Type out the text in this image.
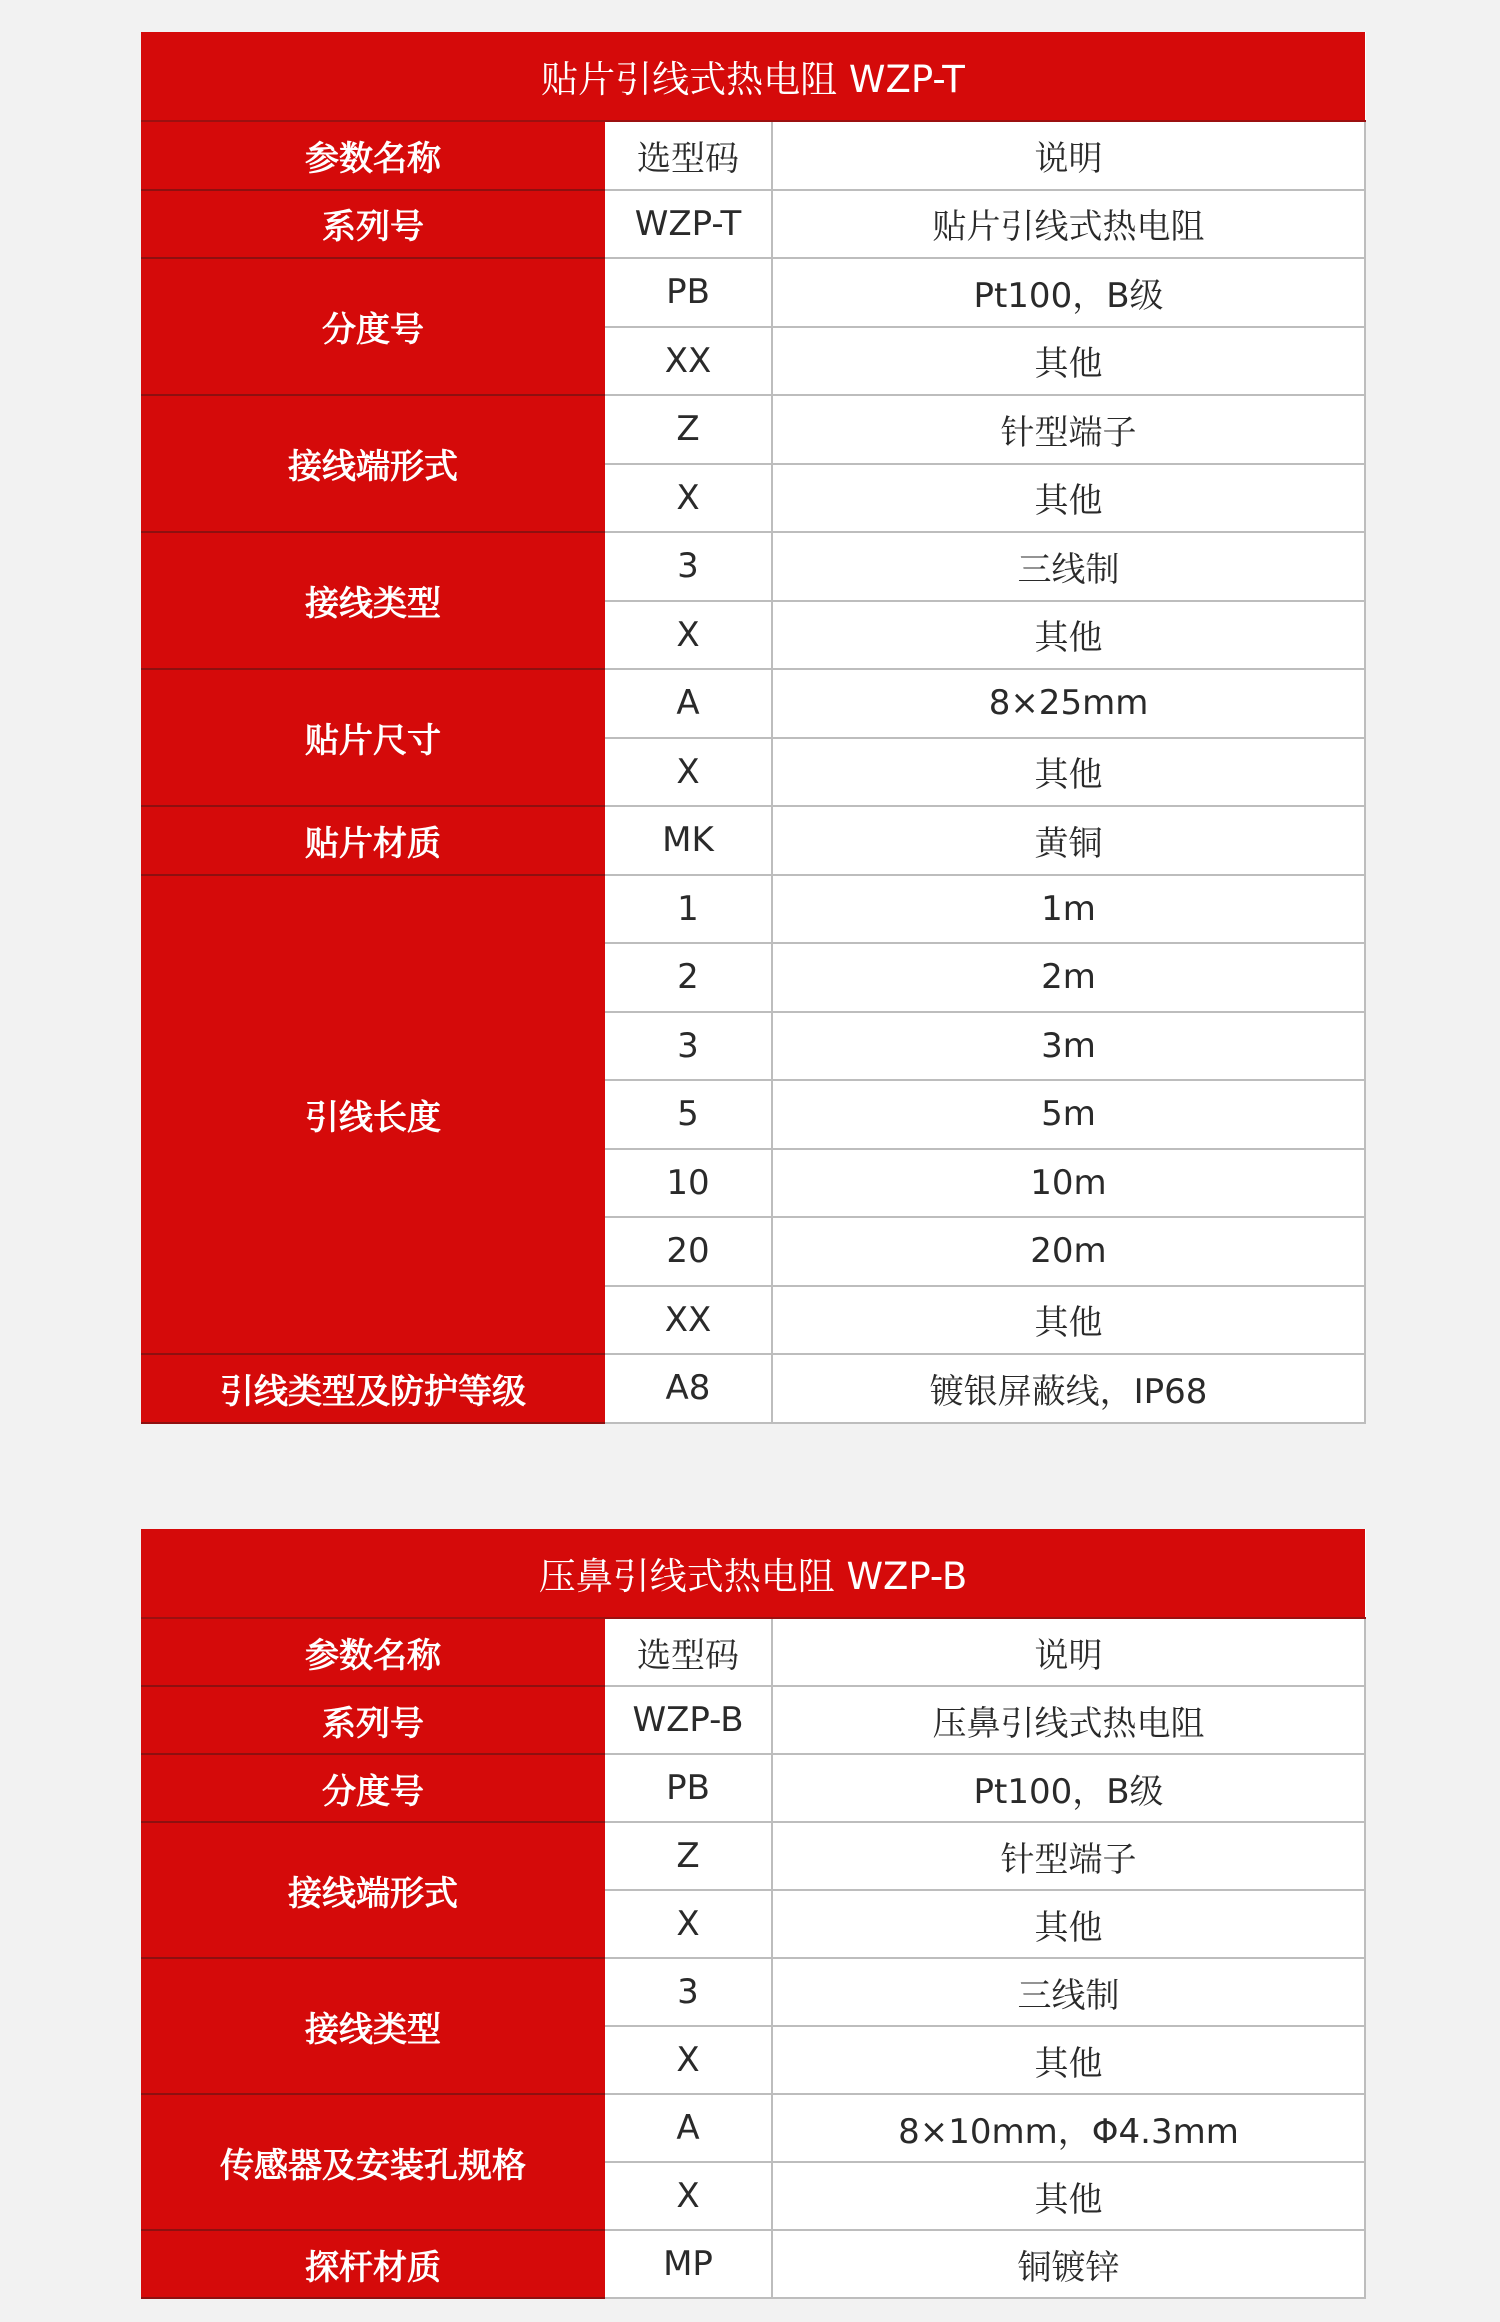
贴片引线式热电阻 WZP-T		
参数名称	选型码	说明
系列号	WZP-T	贴片引线式热电阻
分度号	PB	Pt100，B级
	XX	其他
接线端形式	Z	针型端子
	X	其他
接线类型	3	三线制
	X	其他
贴片尺寸	A	8×25mm
	X	其他
贴片材质	MK	黄铜
引线长度	1	1m
	2	2m
	3	3m
	5	5m
	10	10m
	20	20m
	XX	其他
引线类型及防护等级	A8	镀银屏蔽线，IP68
压鼻引线式热电阻 WZP-B		
参数名称	选型码	说明
系列号	WZP-B	压鼻引线式热电阻
分度号	PB	Pt100，B级
接线端形式	Z	针型端子
	X	其他
接线类型	3	三线制
	X	其他
传感器及安装孔规格	A	8×10mm，Φ4.3mm
	X	其他
探杆材质	MP	铜镀锌
